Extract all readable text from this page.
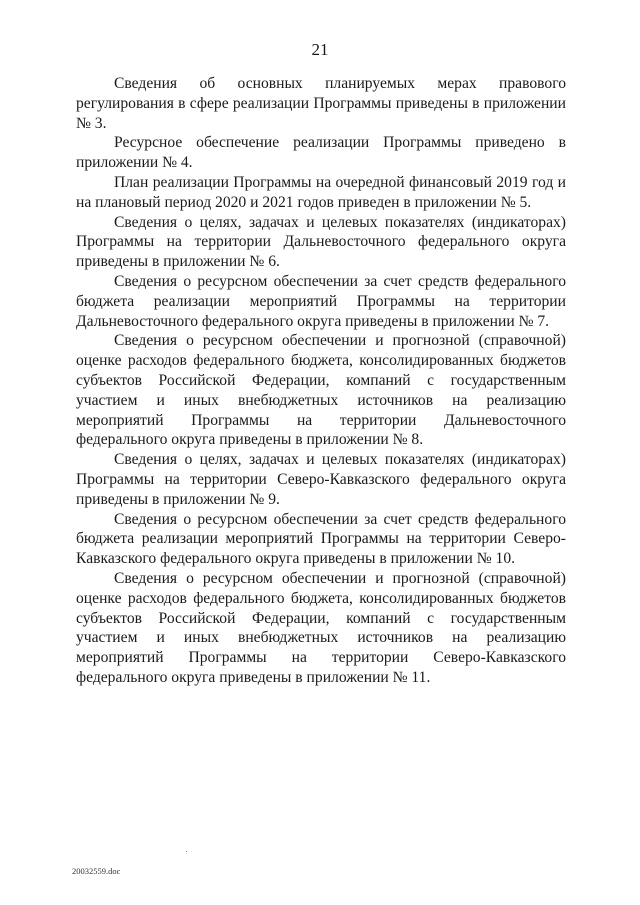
21

Сведения об основных планируемых мерах правового регулирования в сфере реализации Программы приведены в приложении № 3.

Ресурсное обеспечение реализации Программы приведено в приложении № 4.

План реализации Программы на очередной финансовый 2019 год и на плановый период 2020 и 2021 годов приведен в приложении № 5.

Сведения о целях, задачах и целевых показателях (индикаторах) Программы на территории Дальневосточного федерального округа приведены в приложении № 6.

Сведения о ресурсном обеспечении за счет средств федерального бюджета реализации мероприятий Программы на территории Дальневосточного федерального округа приведены в приложении № 7.

Сведения о ресурсном обеспечении и прогнозной (справочной) оценке расходов федерального бюджета, консолидированных бюджетов субъектов Российской Федерации, компаний с государственным участием и иных внебюджетных источников на реализацию мероприятий Программы на территории Дальневосточного федерального округа приведены в приложении № 8.

Сведения о целях, задачах и целевых показателях (индикаторах) Программы на территории Северо-Кавказского федерального округа приведены в приложении № 9.

Сведения о ресурсном обеспечении за счет средств федерального бюджета реализации мероприятий Программы на территории Северо-Кавказского федерального округа приведены в приложении № 10.

Сведения о ресурсном обеспечении и прогнозной (справочной) оценке расходов федерального бюджета, консолидированных бюджетов субъектов Российской Федерации, компаний с государственным участием и иных внебюджетных источников на реализацию мероприятий Программы на территории Северо-Кавказского федерального округа приведены в приложении № 11.

20032559.doc
